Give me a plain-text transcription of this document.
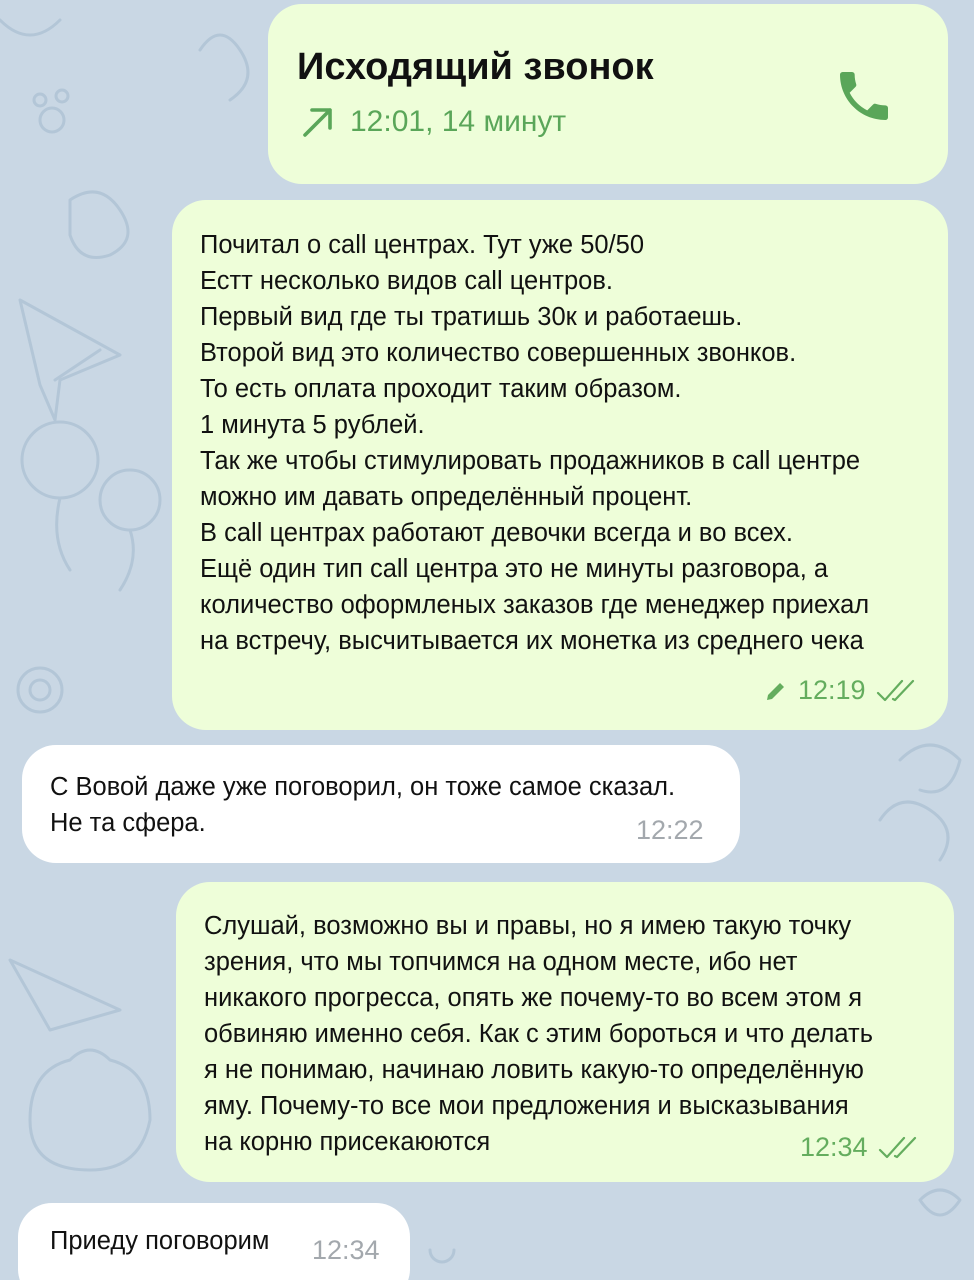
Исходящий звонок
12:01, 14 минут
Почитал о call центрах. Тут уже 50/50
Естт несколько видов call центров.
Первый вид где ты тратишь 30к и работаешь.
Второй вид это количество совершенных звонков.
То есть оплата проходит таким образом.
1 минута 5 рублей.
Так же чтобы стимулировать продажников в call центре
можно им давать определённый процент.
В call центрах работают девочки всегда и во всех.
Ещё один тип call центра это не минуты разговора, а
количество оформленых заказов где менеджер приехал
на встречу, высчитывается их монетка из среднего чека
12:19
С Вовой даже уже поговорил, он тоже самое сказал.
Не та сфера.	12:22
Слушай, возможно вы и правы, но я имею такую точку
зрения, что мы топчимся на одном месте, ибо нет
никакого прогресса, опять же почему-то во всем этом я
обвиняю именно себя. Как с этим бороться и что делать
я не понимаю, начинаю ловить какую-то определённую
яму. Почему-то все мои предложения и высказывания
на корню присекаюются	12:34
Приеду поговорим 12:34
